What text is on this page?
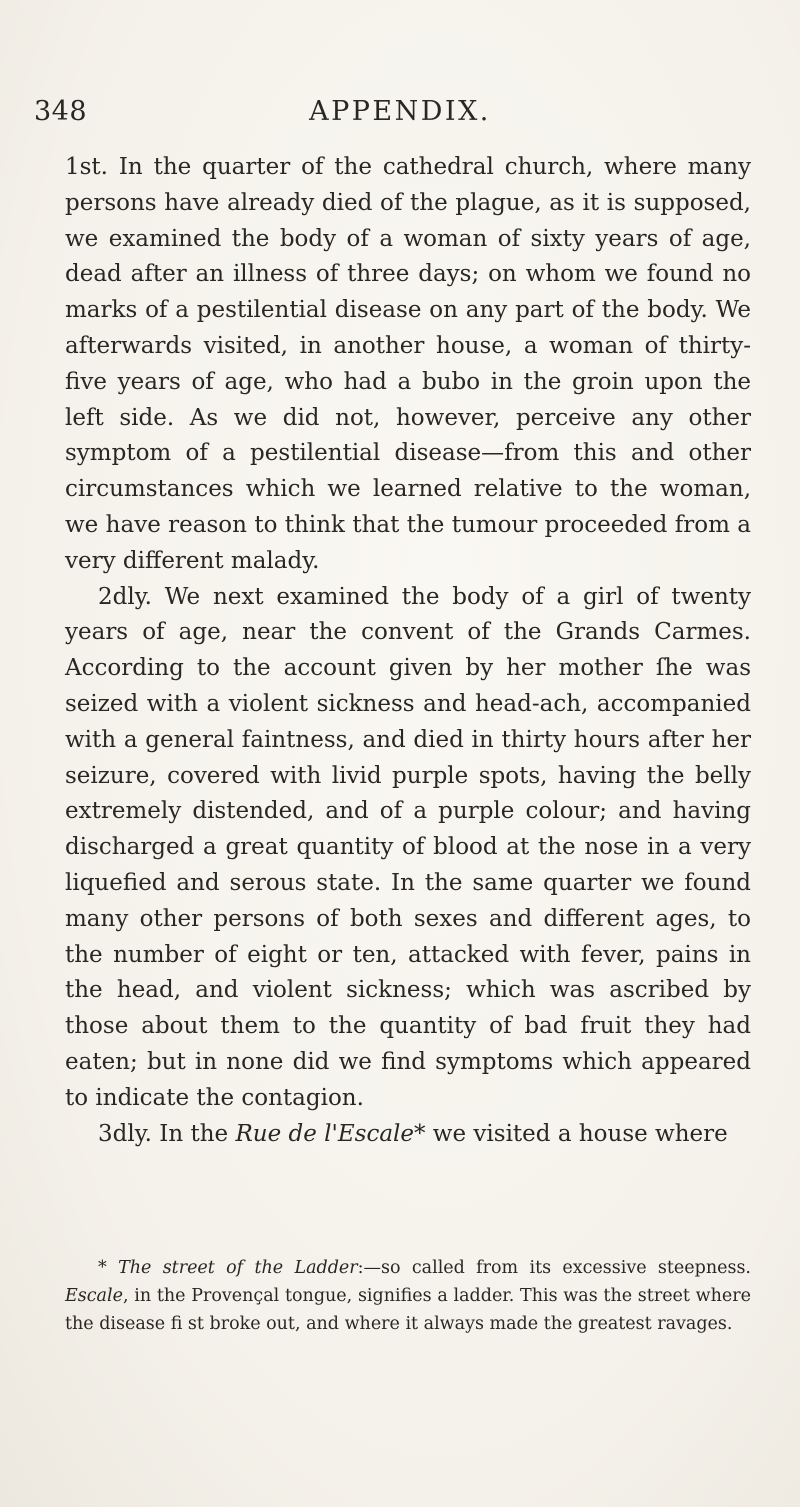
348	APPENDIX.

1st. In the quarter of the cathedral church, where many persons have already died of the plague, as it is supposed, we examined the body of a woman of sixty years of age, dead after an illness of three days; on whom we found no marks of a pestilential disease on any part of the body. We afterwards visited, in another house, a woman of thirty-five years of age, who had a bubo in the groin upon the left side. As we did not, however, perceive any other symptom of a pestilential disease—from this and other circumstances which we learned relative to the woman, we have reason to think that the tumour proceeded from a very different malady.

2dly. We next examined the body of a girl of twenty years of age, near the convent of the Grands Carmes. According to the account given by her mother ſhe was seized with a violent sickness and head-ach, accompanied with a general faintness, and died in thirty hours after her seizure, covered with livid purple spots, having the belly extremely distended, and of a purple colour; and having discharged a great quantity of blood at the nose in a very liquefied and serous state. In the same quarter we found many other persons of both sexes and different ages, to the number of eight or ten, attacked with fever, pains in the head, and violent sickness; which was ascribed by those about them to the quantity of bad fruit they had eaten; but in none did we find symptoms which appeared to indicate the contagion.

3dly. In the Rue de l'Escale* we visited a house where

* The street of the Ladder:—so called from its excessive steepness. Escale, in the Provençal tongue, signifies a ladder. This was the street where the disease fi st broke out, and where it always made the greatest ravages.
